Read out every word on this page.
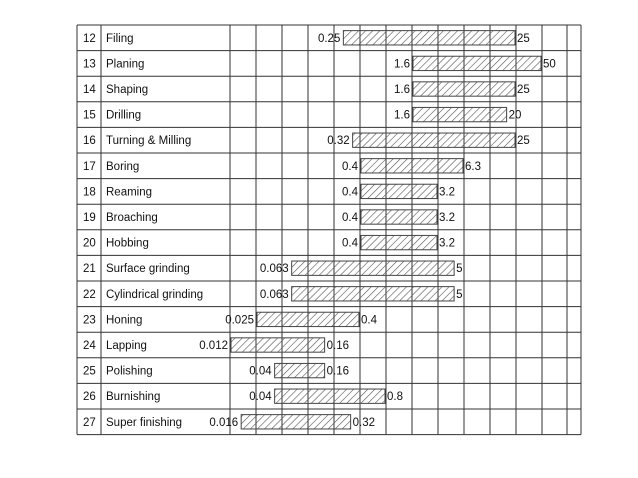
12 Filing	0.25	25
13 Planing	1.6	50
14 Shaping	1.6	25
15 Drilling	1.6	20
16 Turning & Milling	0.32	25
17 Boring	0.4	6.3
18 Reaming	0.4	3.2
19 Broaching	0.4	3.2
20 Hobbing	0.4	3.2
21 Surface grinding	0.063	5
22 Cylindrical grinding	0.063	5
23 Honing	0.025	0.4
24 Lapping	0.012	0.16
25 Polishing	0.04	0.16
26 Burnishing	0.04	0.8
27 Super finishing 0.016	0.32
